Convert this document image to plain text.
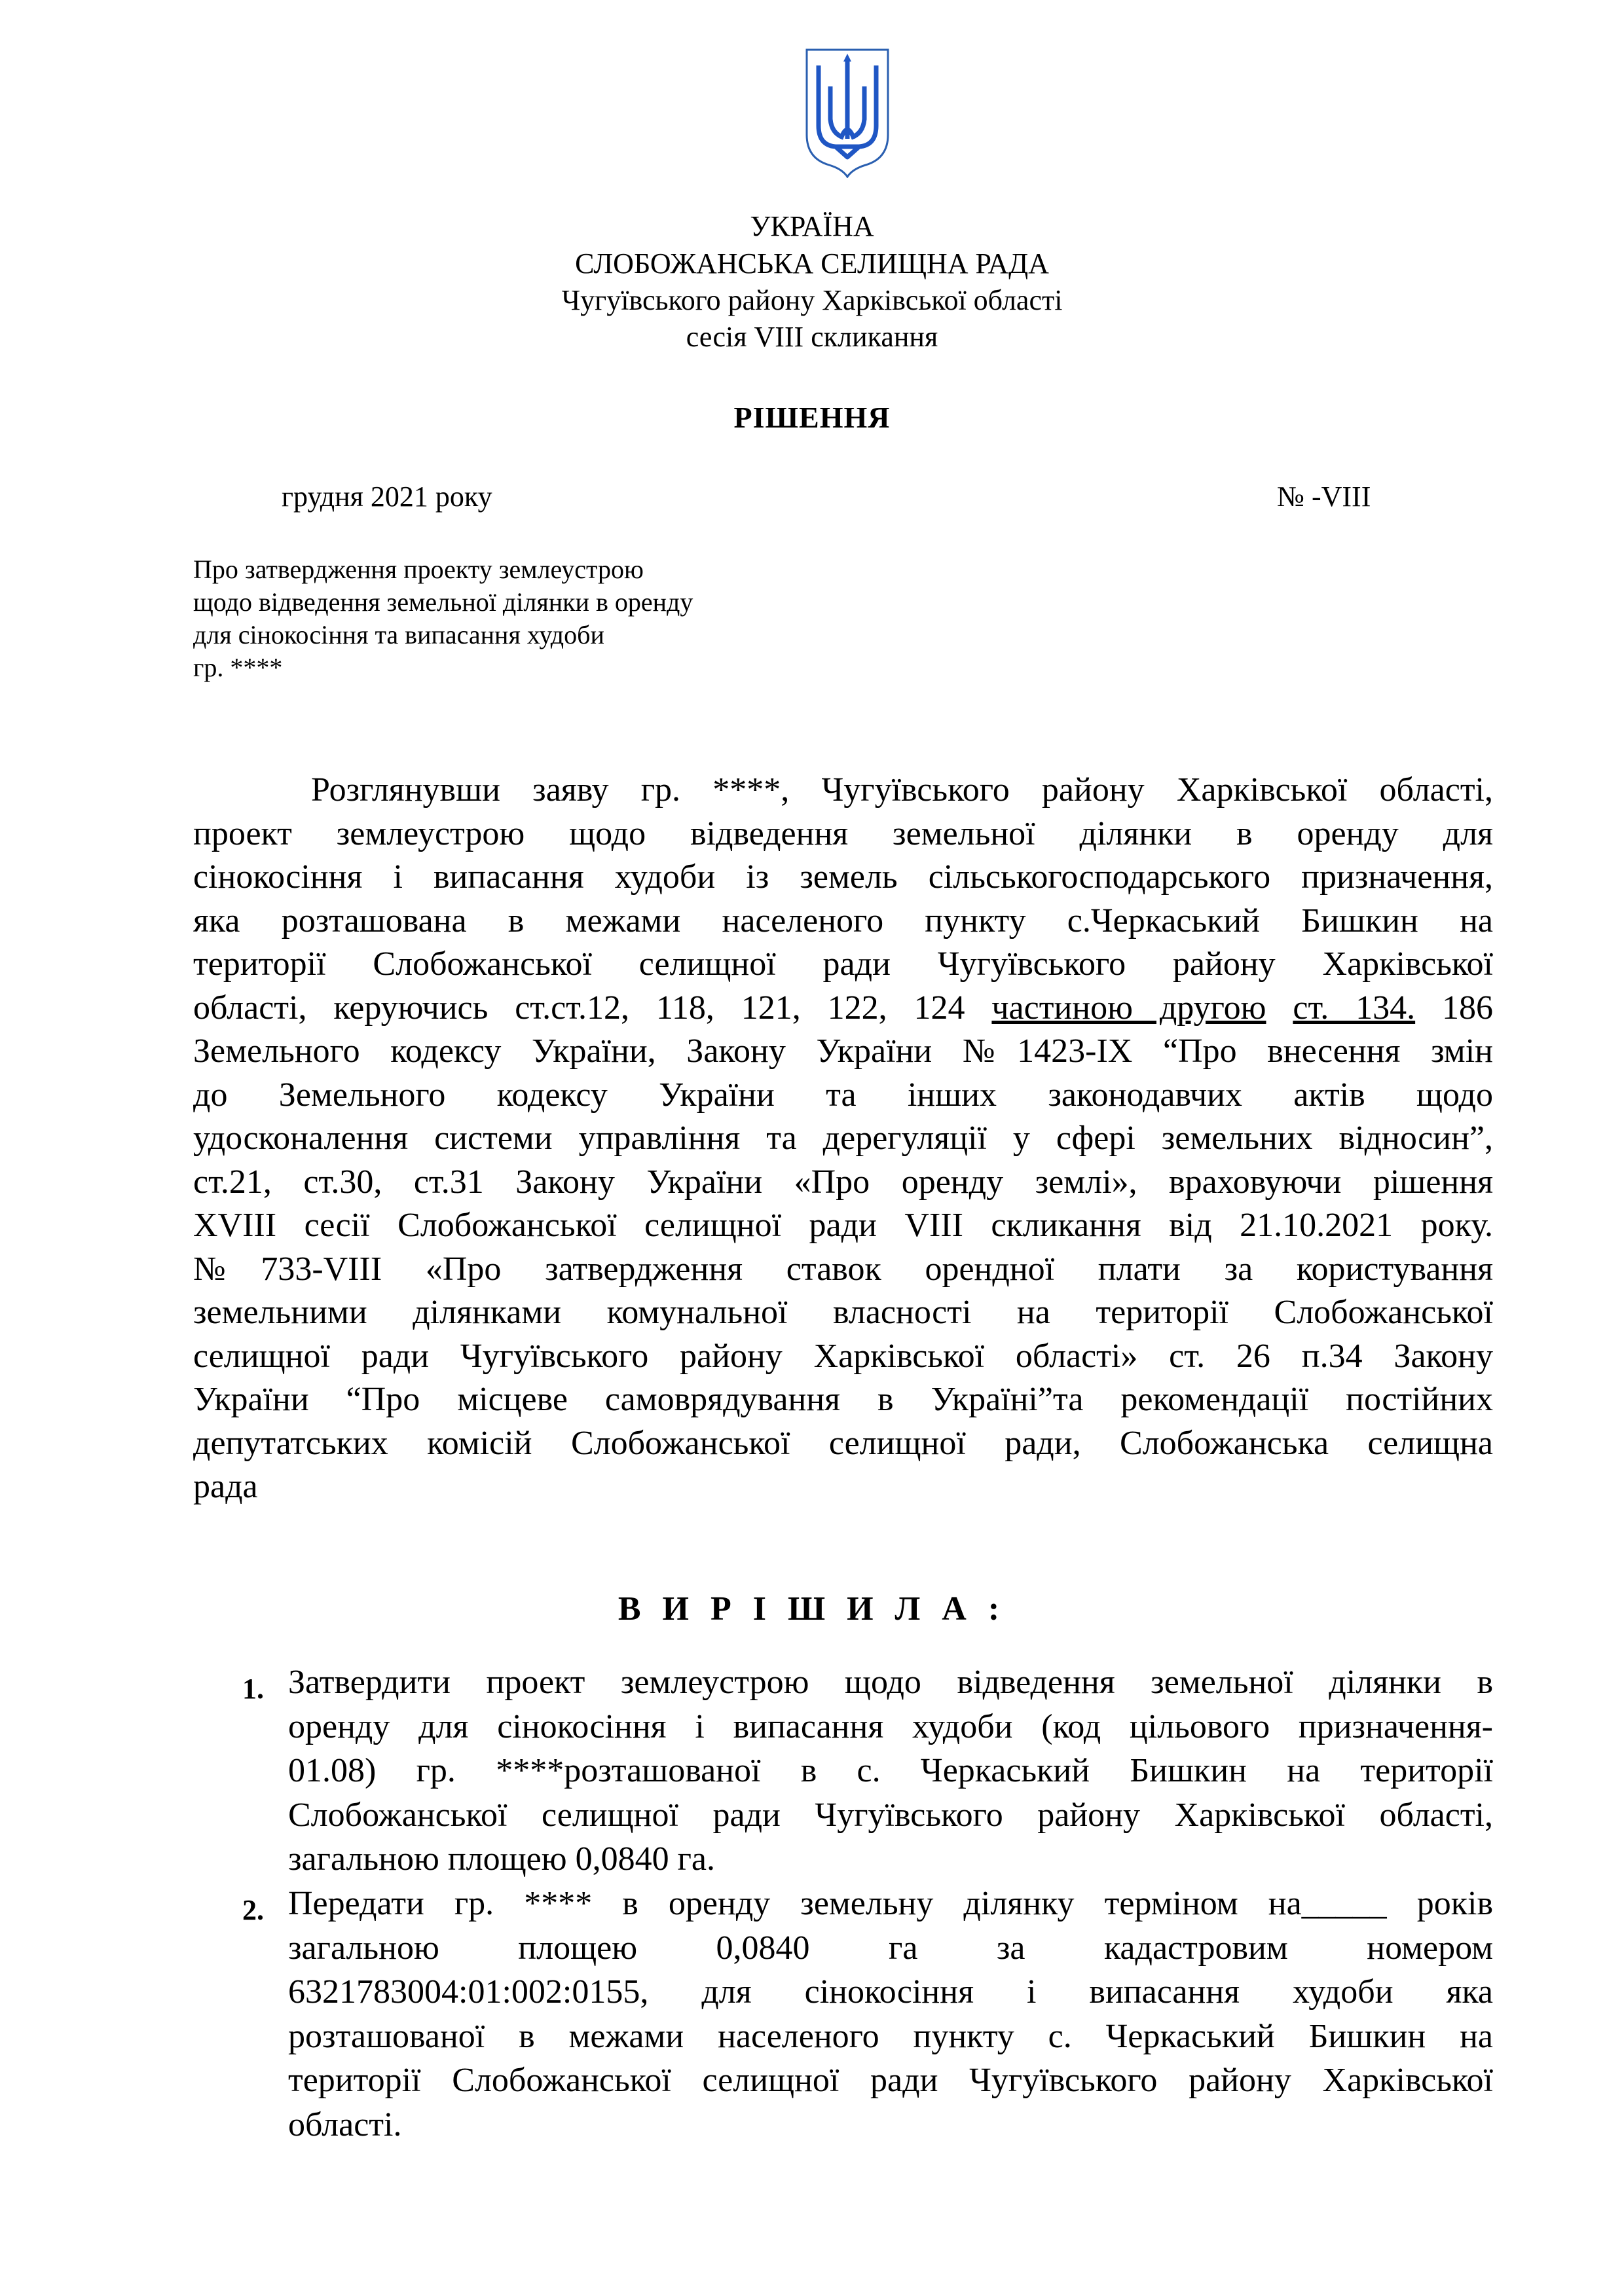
УКРАЇНА
СЛОБОЖАНСЬКА СЕЛИЩНА РАДА
Чугуївського району Харківської області
сесія VIII скликання
РІШЕННЯ
грудня 2021 року	№ -VIII
Про затвердження проекту землеустрою
щодо відведення земельної ділянки в оренду
для сінокосіння та випасання худоби
гр. ****
Розглянувши заяву гр. ****, Чугуївського району Харківської області,
проект землеустрою щодо відведення земельної ділянки в оренду для
сінокосіння і випасання худоби із земель сільськогосподарського призначення,
яка розташована в межами населеного пункту с.Черкаський Бишкин на
території Слобожанської селищної ради Чугуївського району Харківської
області, керуючись ст.ст.12, 118, 121, 122, 124 частиною другою ст. 134. 186
Земельного кодексу України, Закону України №1423-IX “Про внесення змін
до Земельного кодексу України та інших законодавчих актів щодо
удосконалення системи управління та дерегуляції у сфері земельних відносин”,
ст.21, ст.30, ст.31 Закону України «Про оренду землі», враховуючи рішення
XVIII сесії Слобожанської селищної ради VIII скликання від 21.10.2021 року.
№733-VIII «Про затвердження ставок орендної плати за користування
земельними ділянками комунальної власності на території Слобожанської
селищної ради Чугуївського району Харківської області» ст. 26 п.34 Закону
України “Про місцеве самоврядування в Україні”та рекомендації постійних
депутатських комісій Слобожанської селищної ради, Слобожанська селищна
рада
В И Р І Ш И Л А :
1. Затвердити проект землеустрою щодо відведення земельної ділянки в
оренду для сінокосіння і випасання худоби (код цільового призначення-
01.08) гр. ****розташованої в с. Черкаський Бишкин на території
Слобожанської селищної ради Чугуївського району Харківської області,
загальною площею 0,0840 га.
2. Передати гр. **** в оренду земельну ділянку терміном на_____ років
загальною площею 0,0840 га за кадастровим номером
6321783004:01:002:0155, для сінокосіння і випасання худоби яка
розташованої в межами населеного пункту с. Черкаський Бишкин на
території Слобожанської селищної ради Чугуївського району Харківської
області.
